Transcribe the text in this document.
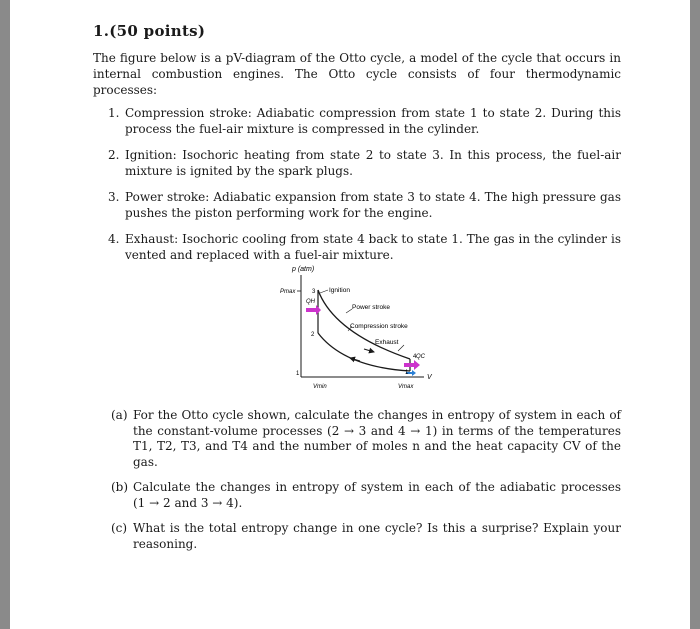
1.(50 points)
The figure below is a pV-diagram of the Otto cycle, a model of the cycle that occurs in internal combustion engines. The Otto cycle consists of four thermodynamic processes:
1. Compression stroke: Adiabatic compression from state 1 to state 2. During this process the fuel-air mixture is compressed in the cylinder.
2. Ignition: Isochoric heating from state 2 to state 3. In this process, the fuel-air mixture is ignited by the spark plugs.
3. Power stroke: Adiabatic expansion from state 3 to state 4. The high pressure gas pushes the piston performing work for the engine.
4. Exhaust: Isochoric cooling from state 4 back to state 1. The gas in the cylinder is vented and replaced with a fuel-air mixture.
p (atm)
V
Pmax
Vmin	Vmax
3
2
4
1
1
QH
QC
Ignition
Power stroke
Compression stroke
Exhaust
(a) For the Otto cycle shown, calculate the changes in entropy of system in each of the constant-volume processes (2 → 3 and 4 → 1) in terms of the temperatures T1, T2, T3, and T4 and the number of moles n and the heat capacity CV of the gas.
(b) Calculate the changes in entropy of system in each of the adiabatic processes (1 → 2 and 3 → 4).
(c) What is the total entropy change in one cycle? Is this a surprise? Explain your reasoning.
